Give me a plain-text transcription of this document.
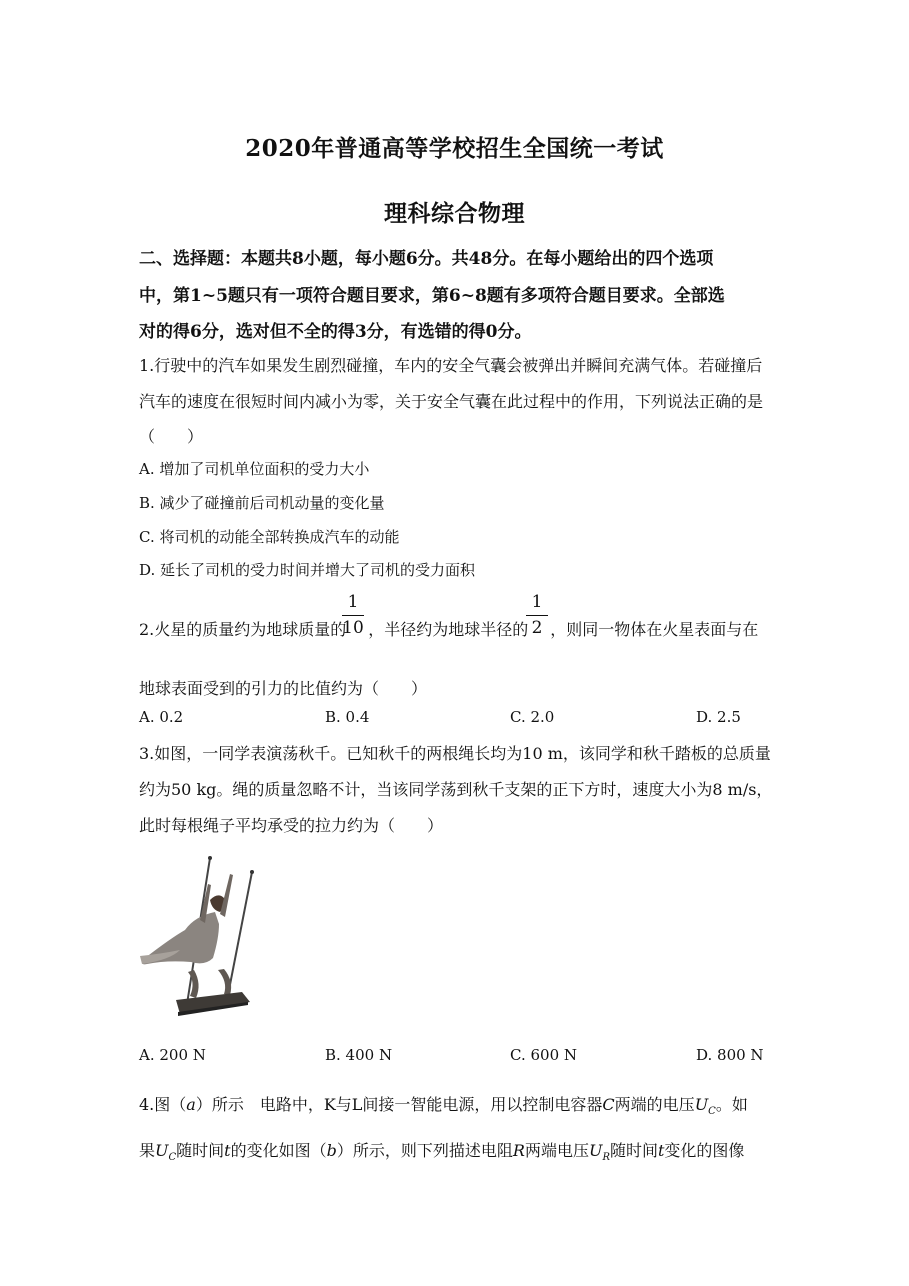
2020年普通高等学校招生全国统一考试
理科综合物理
二、选择题：本题共8小题，每小题6分。共48分。在每小题给出的四个选项
中，第1~5题只有一项符合题目要求，第6~8题有多项符合题目要求。全部选
对的得6分，选对但不全的得3分，有选错的得0分。
1.行驶中的汽车如果发生剧烈碰撞，车内的安全气囊会被弹出并瞬间充满气体。若碰撞后
汽车的速度在很短时间内减小为零，关于安全气囊在此过程中的作用，下列说法正确的是
（　　）
A. 增加了司机单位面积的受力大小
B. 减少了碰撞前后司机动量的变化量
C. 将司机的动能全部转换成汽车的动能
D. 延长了司机的受力时间并增大了司机的受力面积
2.火星的质量约为地球质量的 ，半径约为地球半径的 ，则同一物体在火星表面与在
$\frac{1}{10}$	$\frac{1}{2}$
地球表面受到的引力的比值约为（　　）
A. 0.2	B. 0.4	C. 2.0	D. 2.5
3.如图，一同学表演荡秋千。已知秋千的两根绳长均为10 m，该同学和秋千踏板的总质量
约为50 kg。绳的质量忽略不计，当该同学荡到秋千支架的正下方时，速度大小为8 m/s，
此时每根绳子平均承受的拉力约为（　　）
A. 200 N	B. 400 N	C. 600 N	D. 800 N
4.图（a）所示　电路中，K与L间接一智能电源，用以控制电容器C两端的电压$U_C$。如
果$U_C$随时间t的变化如图（b）所示，则下列描述电阻R两端电压$U_R$随时间t变化的图像
